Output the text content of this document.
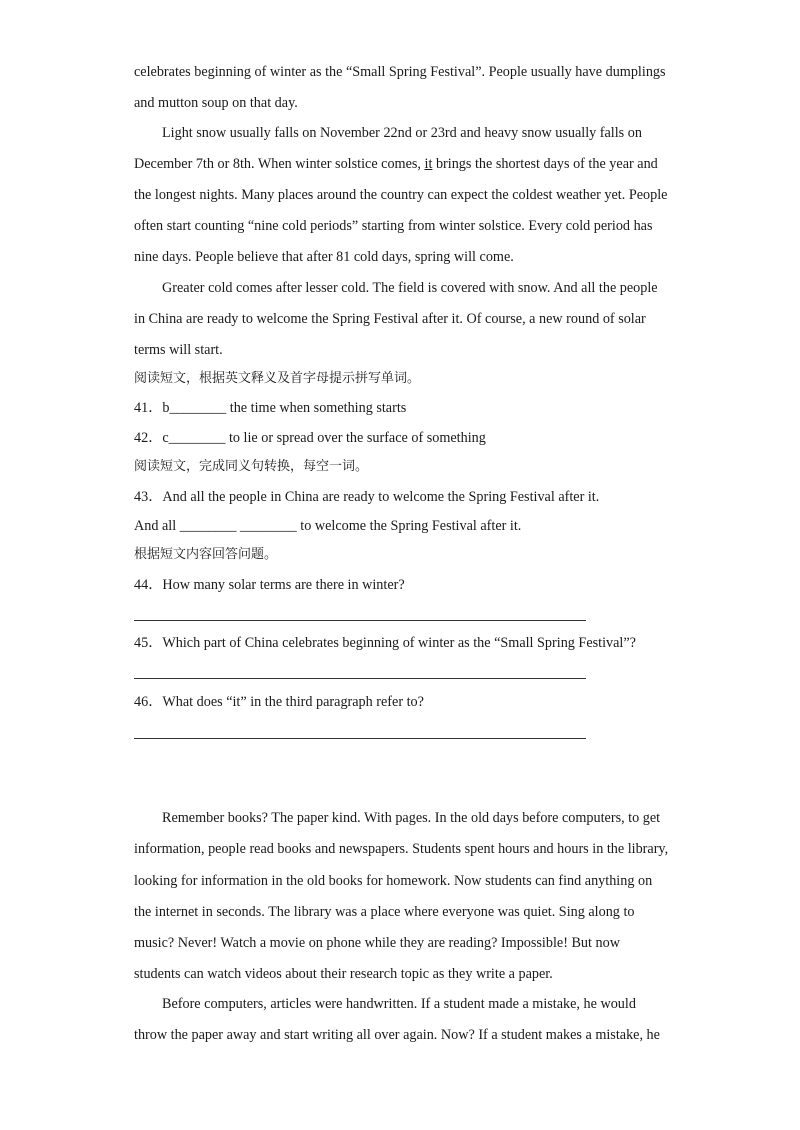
celebrates beginning of winter as the “Small Spring Festival”. People usually have dumplings
and mutton soup on that day.
Light snow usually falls on November 22nd or 23rd and heavy snow usually falls on
December 7th or 8th. When winter solstice comes, it brings the shortest days of the year and
the longest nights. Many places around the country can expect the coldest weather yet. People
often start counting “nine cold periods” starting from winter solstice. Every cold period has
nine days. People believe that after 81 cold days, spring will come.
Greater cold comes after lesser cold. The field is covered with snow. And all the people
in China are ready to welcome the Spring Festival after it. Of course, a new round of solar
terms will start.
阅读短文，根据英文释义及首字母提示拼写单词。
41．b________ the time when something starts
42．c________ to lie or spread over the surface of something
阅读短文，完成同义句转换，每空一词。
43．And all the people in China are ready to welcome the Spring Festival after it.
And all ________ ________ to welcome the Spring Festival after it.
根据短文内容回答问题。
44．How many solar terms are there in winter?
45．Which part of China celebrates beginning of winter as the “Small Spring Festival”?
46．What does “it” in the third paragraph refer to?
Remember books? The paper kind. With pages. In the old days before computers, to get
information, people read books and newspapers. Students spent hours and hours in the library,
looking for information in the old books for homework. Now students can find anything on
the internet in seconds. The library was a place where everyone was quiet. Sing along to
music? Never! Watch a movie on phone while they are reading? Impossible! But now
students can watch videos about their research topic as they write a paper.
Before computers, articles were handwritten. If a student made a mistake, he would
throw the paper away and start writing all over again. Now? If a student makes a mistake, he
